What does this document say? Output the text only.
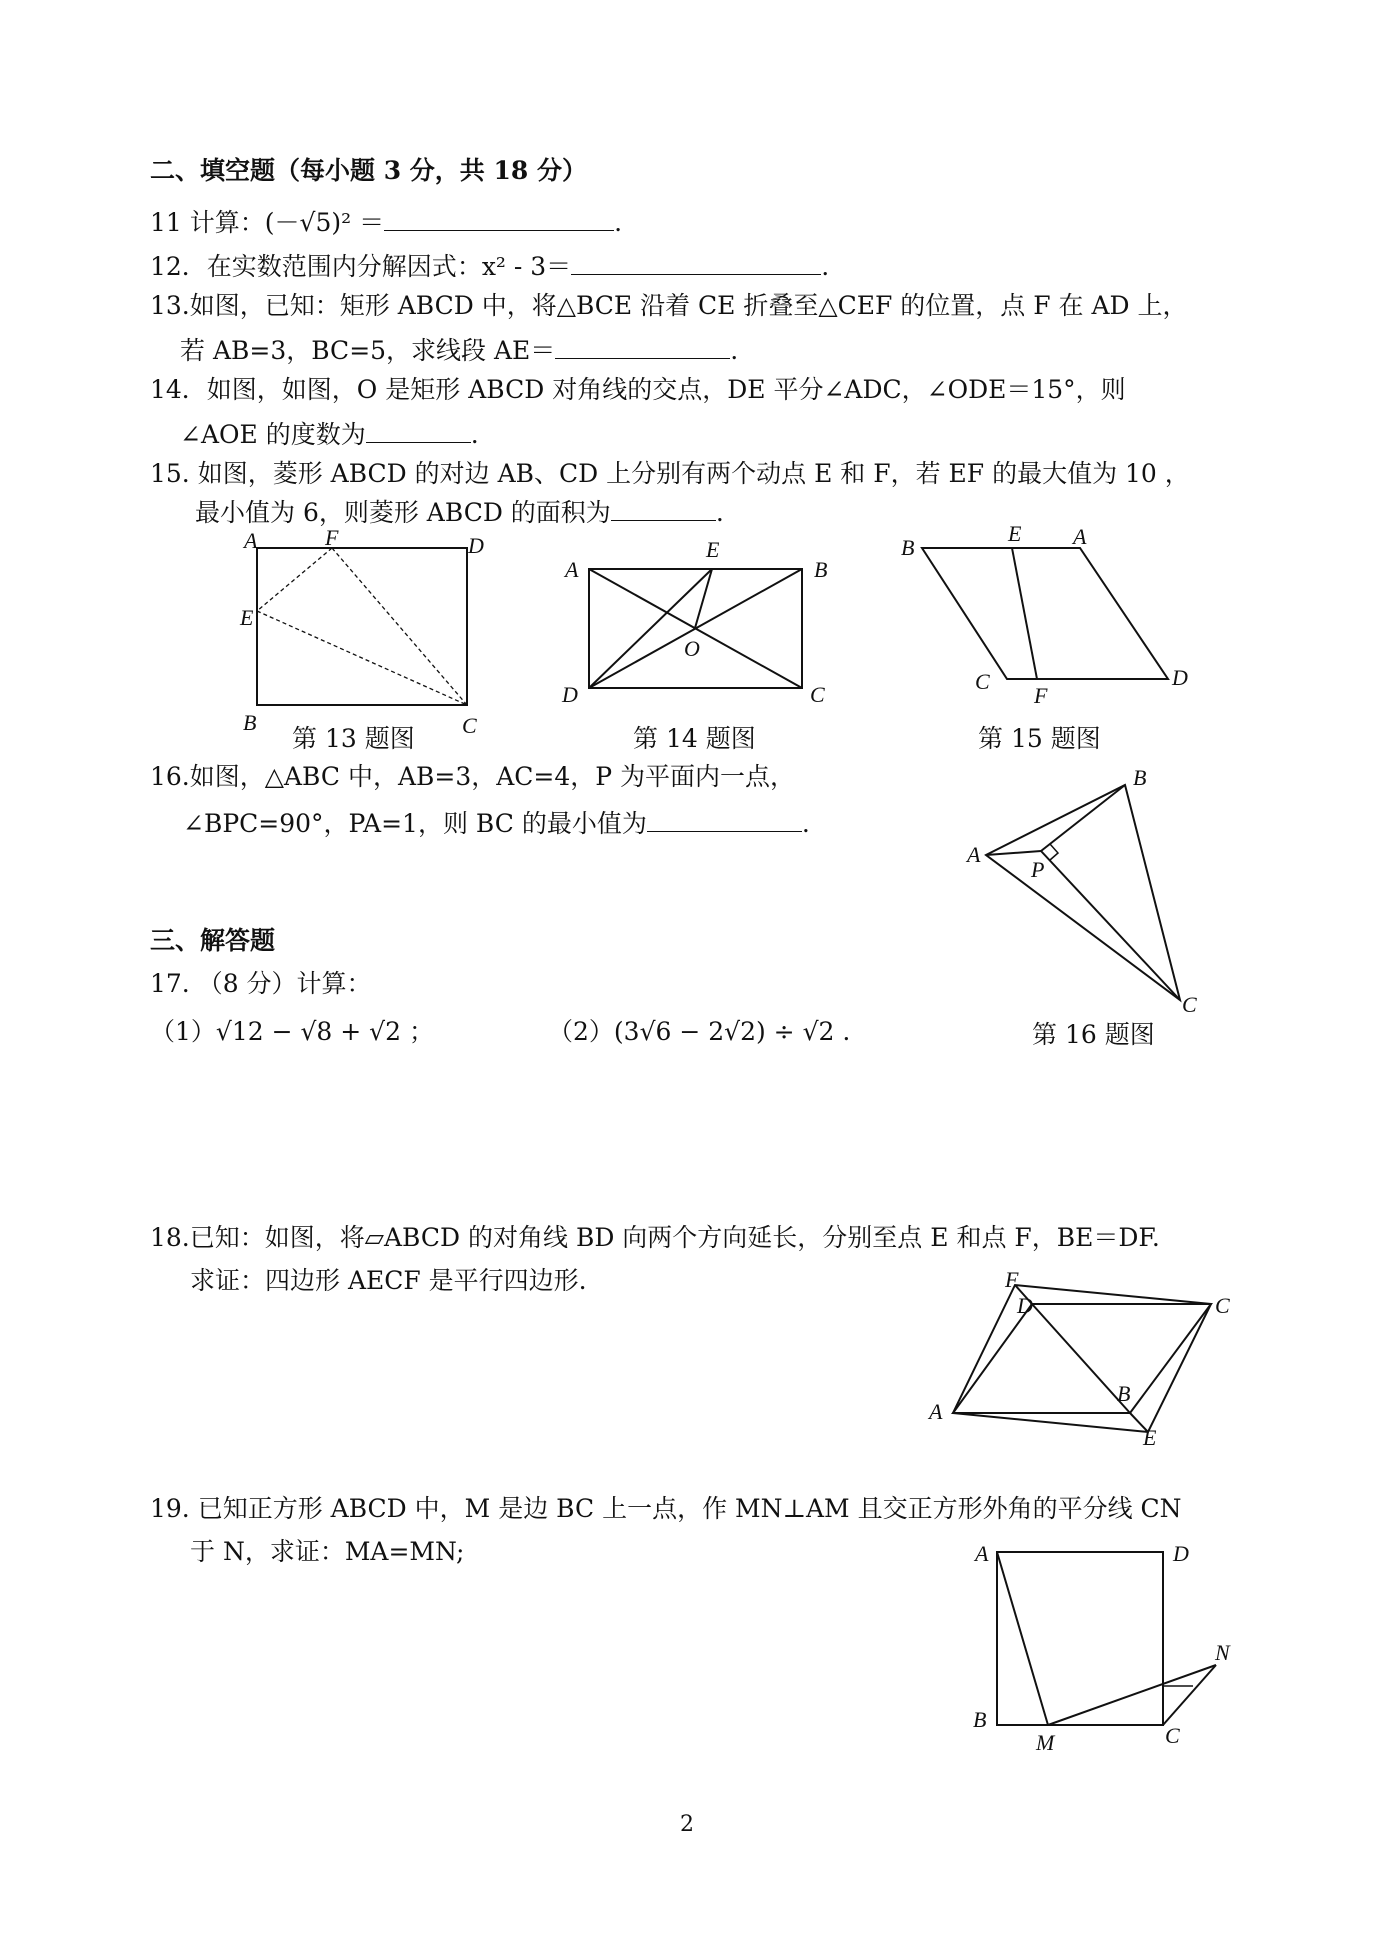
二、填空题（每小题 3 分，共 18 分）
11 计算：(－√5)² ＝	.
12．在实数范围内分解因式：x² ‑ 3＝	.
13.如图，已知：矩形 ABCD 中，将△BCE 沿着 CE 折叠至△CEF 的位置，点 F 在 AD 上，
若 AB=3，BC=5，求线段 AE＝	.
14．如图，如图，O 是矩形 ABCD 对角线的交点，DE 平分∠ADC，∠ODE＝15°，则
∠AOE 的度数为	.
15. 如图，菱形 ABCD 的对边 AB、CD 上分别有两个动点 E 和 F，若 EF 的最大值为 10 ，
最小值为 6，则菱形 ABCD 的面积为	.
A	F	D
E
B	C
第 13 题图
A
E
B
O
D	C
第 14 题图
B
E A
C
F
D
第 15 题图
16.如图，△ABC 中，AB=3，AC=4，P 为平面内一点，
∠BPC=90°，PA=1，则 BC 的最小值为	.
A
B
P
C
第 16 题图
三、解答题
17. （8 分）计算：
（1）√12 − √8 + √2 ；	（2）(3√6 − 2√2) ÷ √2 .
18.已知：如图，将▱ABCD 的对角线 BD 向两个方向延长，分别至点 E 和点 F，BE＝DF.
求证：四边形 AECF 是平行四边形.	F
D	C
B
A
E
19. 已知正方形 ABCD 中，M 是边 BC 上一点，作 MN⊥AM 且交正方形外角的平分线 CN
于 N，求证：MA=MN;	A	D
N
B
M	C
2
